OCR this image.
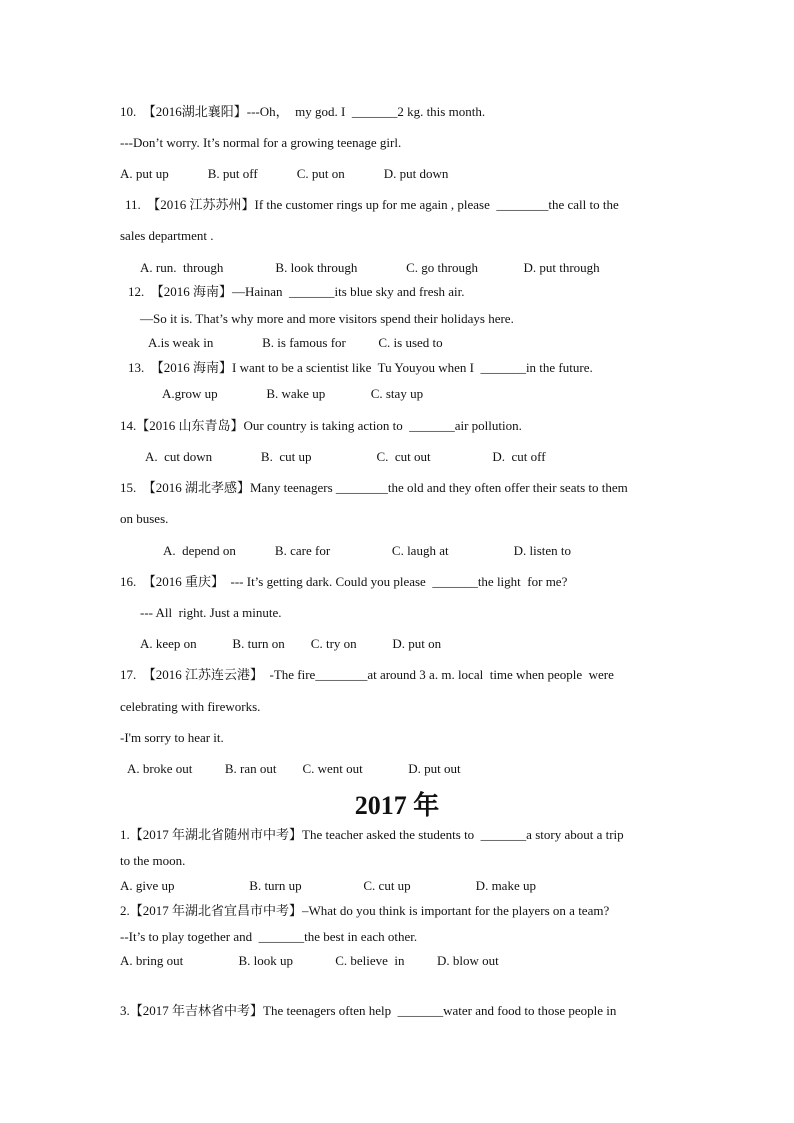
10.  【2016湖北襄阳】---Oh，  my god. I  _______2 kg. this month.
---Don’t worry. It’s normal for a growing teenage girl.
A. put up            B. put off            C. put on            D. put down
11.  【2016 江苏苏州】If the customer rings up for me again , please  ________the call to the
sales department .
A. run.  through                B. look through               C. go through              D. put through
12.  【2016 海南】—Hainan  _______its blue sky and fresh air.
—So it is. That’s why more and more visitors spend their holidays here.
A.is weak in               B. is famous for          C. is used to
13.  【2016 海南】I want to be a scientist like  Tu Youyou when I  _______in the future.
A.grow up               B. wake up              C. stay up
14.【2016 山东青岛】Our country is taking action to  _______air pollution.
A.  cut down               B.  cut up                    C.  cut out                   D.  cut off
15.  【2016 湖北孝感】Many teenagers ________the old and they often offer their seats to them
on buses.
A.  depend on            B. care for                   C. laugh at                    D. listen to
16.  【2016 重庆】  --- It’s getting dark. Could you please  _______the light  for me?
--- All  right. Just a minute.
A. keep on           B. turn on        C. try on           D. put on
17.  【2016 江苏连云港】  -The fire________at around 3 a. m. local  time when people  were
celebrating with fireworks.
-I'm sorry to hear it.
A. broke out          B. ran out        C. went out              D. put out
2017 年
1.【2017 年湖北省随州市中考】The teacher asked the students to  _______a story about a trip
to the moon.
A. give up                       B. turn up                   C. cut up                    D. make up
2.【2017 年湖北省宜昌市中考】–What do you think is important for the players on a team?
--It’s to play together and  _______the best in each other.
A. bring out                 B. look up             C. believe  in          D. blow out
3.【2017 年吉林省中考】The teenagers often help  _______water and food to those people in
